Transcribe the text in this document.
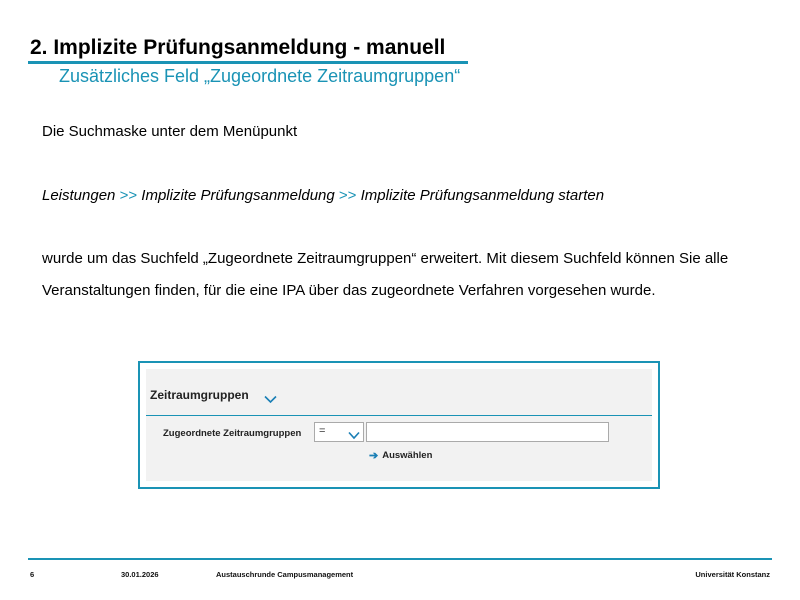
2. Implizite Prüfungsanmeldung - manuell
Zusätzliches Feld „Zugeordnete Zeitraumgruppen“
Die Suchmaske unter dem Menüpunkt
Leistungen >> Implizite Prüfungsanmeldung >> Implizite Prüfungsanmeldung starten
wurde um das Suchfeld „Zugeordnete Zeitraumgruppen“ erweitert. Mit diesem Suchfeld können Sie alle Veranstaltungen finden, für die eine IPA über das zugeordnete Verfahren vorgesehen wurde.
Zeitraumgruppen
Zugeordnete Zeitraumgruppen =
➔ Auswählen
6	30.01.2026	Austauschrunde Campusmanagement	Universität Konstanz
